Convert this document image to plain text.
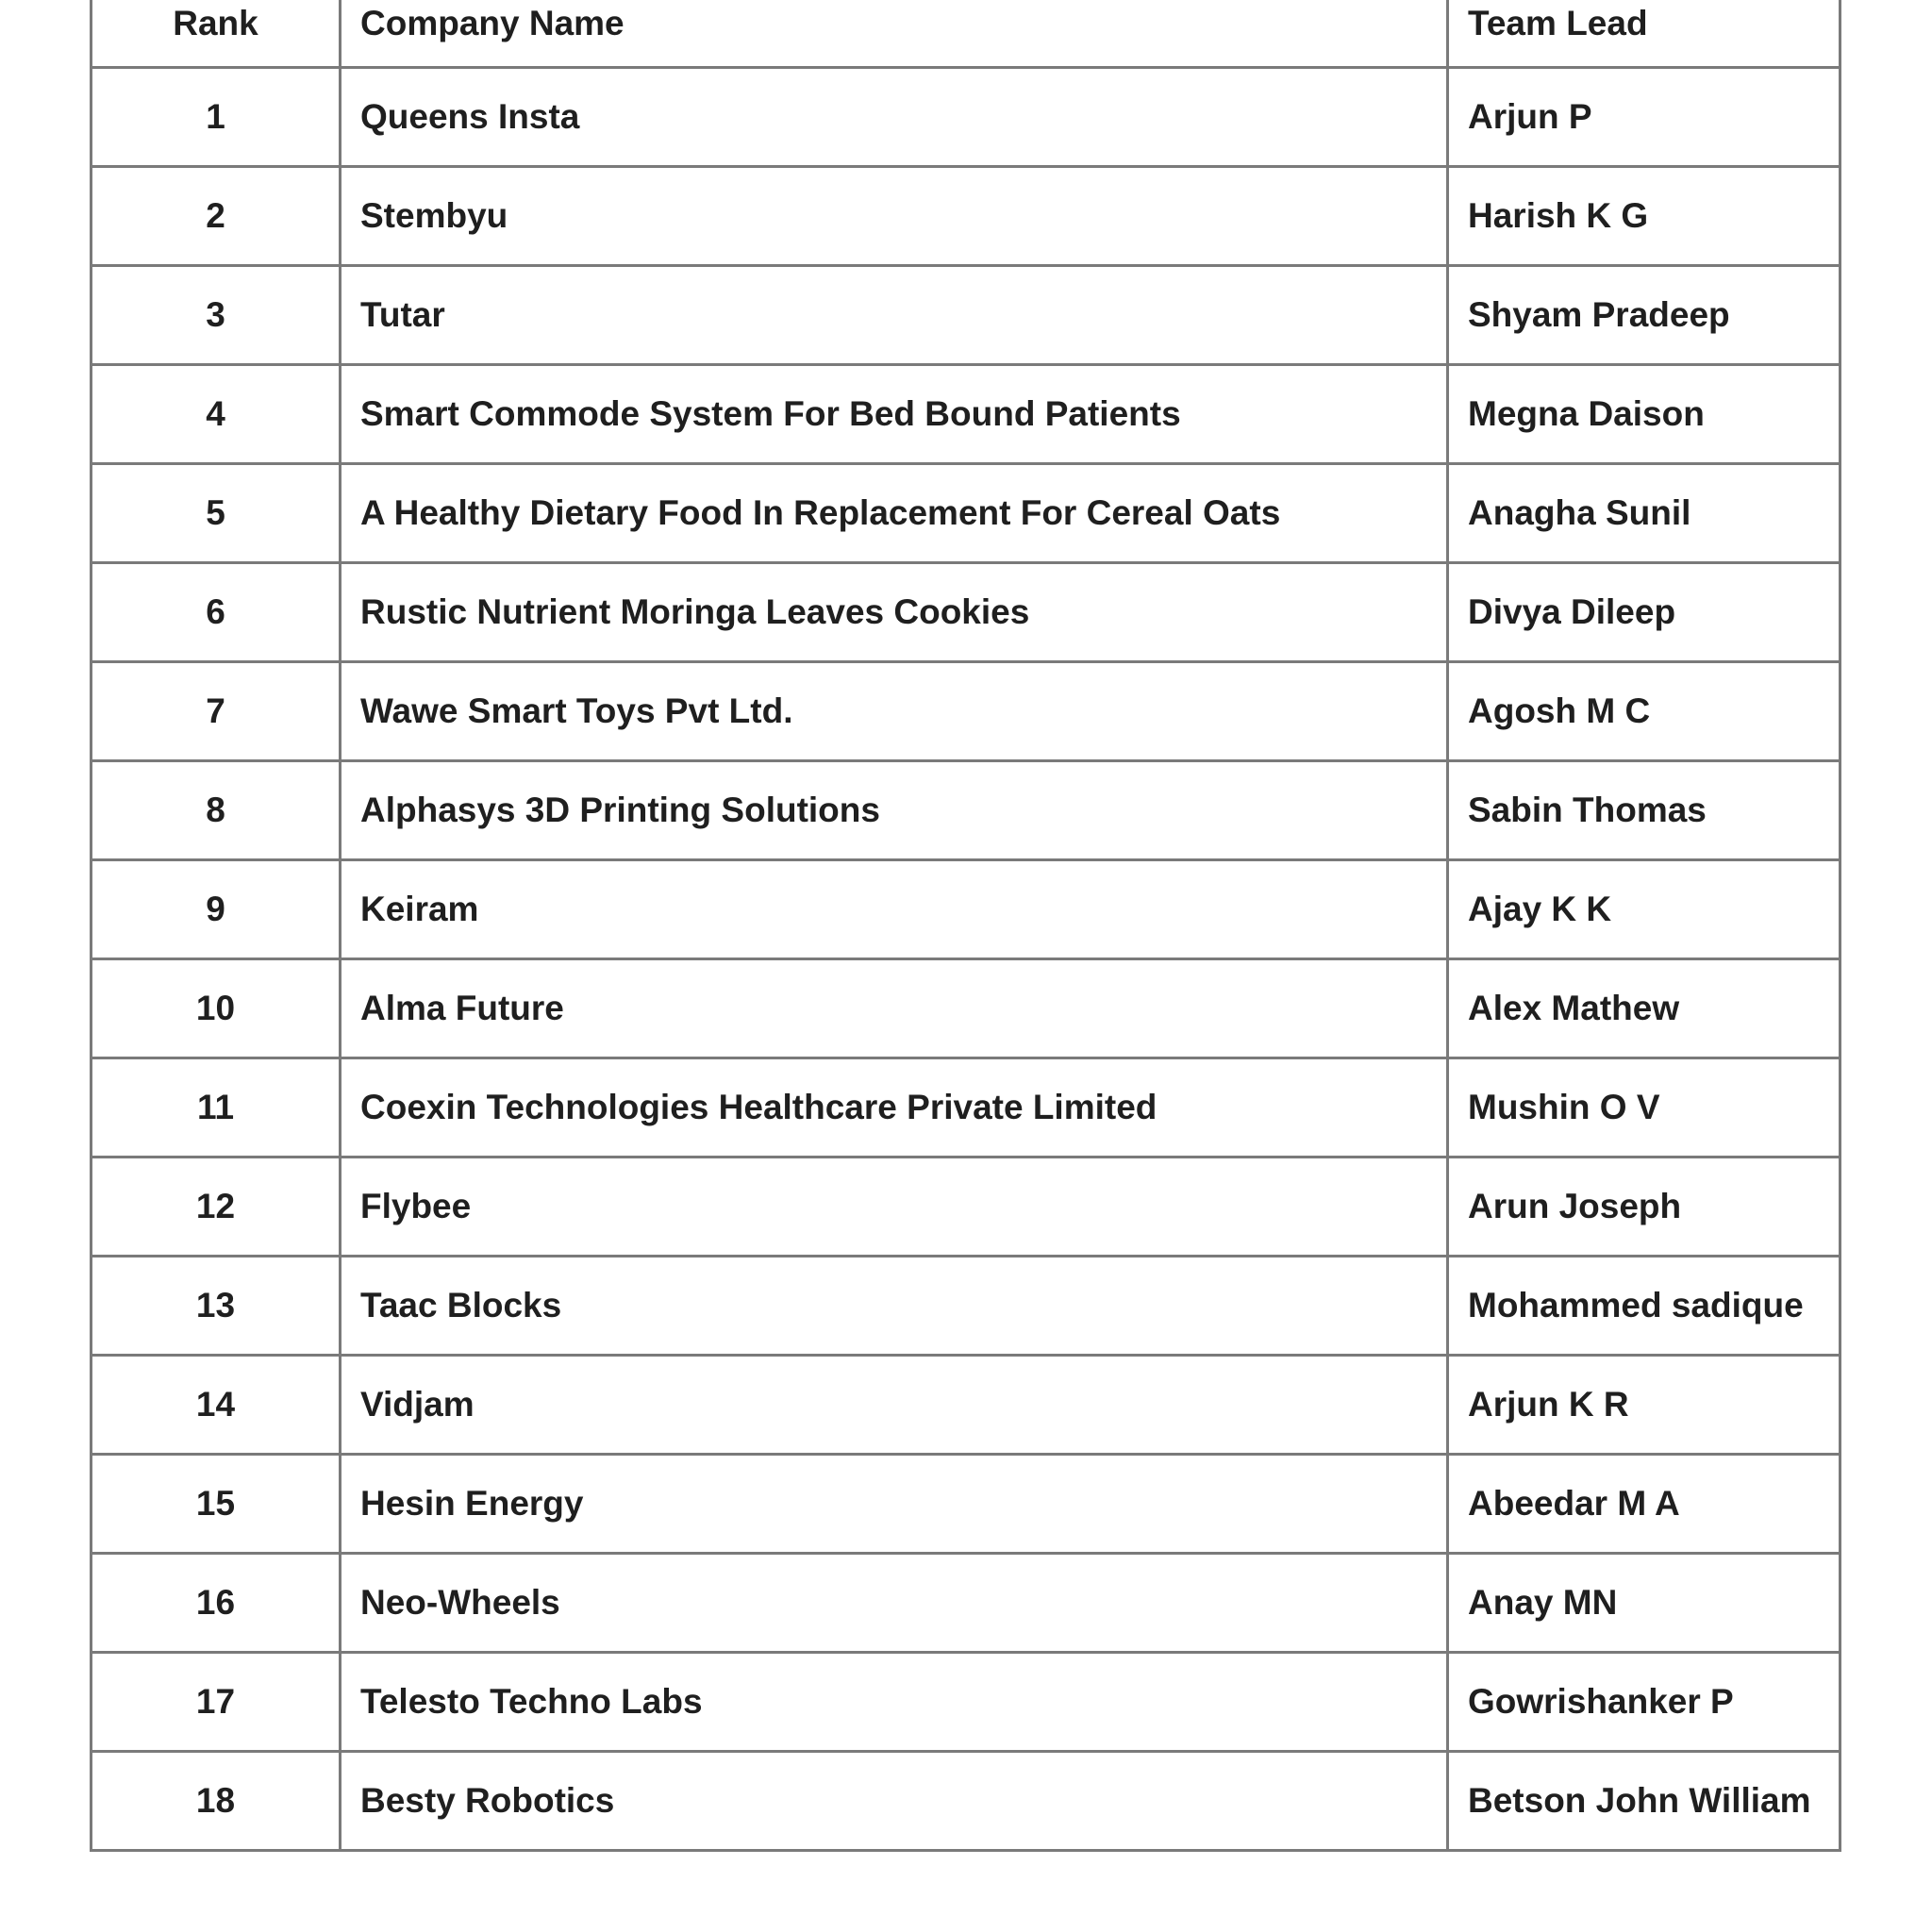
Rank	Company Name	Team Lead
1	Queens Insta	Arjun P
2	Stembyu	Harish K G
3	Tutar	Shyam Pradeep
4	Smart Commode System For Bed Bound Patients	Megna Daison
5	A Healthy Dietary Food In Replacement For Cereal Oats	Anagha Sunil
6	Rustic Nutrient Moringa Leaves Cookies	Divya Dileep
7	Wawe Smart Toys Pvt Ltd.	Agosh M C
8	Alphasys 3D Printing Solutions	Sabin Thomas
9	Keiram	Ajay K K
10	Alma Future	Alex Mathew
11	Coexin Technologies Healthcare Private Limited	Mushin O V
12	Flybee	Arun Joseph
13	Taac Blocks	Mohammed sadique
14	Vidjam	Arjun K R
15	Hesin Energy	Abeedar M A
16	Neo-Wheels	Anay MN
17	Telesto Techno Labs	Gowrishanker P
18	Besty Robotics	Betson John William
